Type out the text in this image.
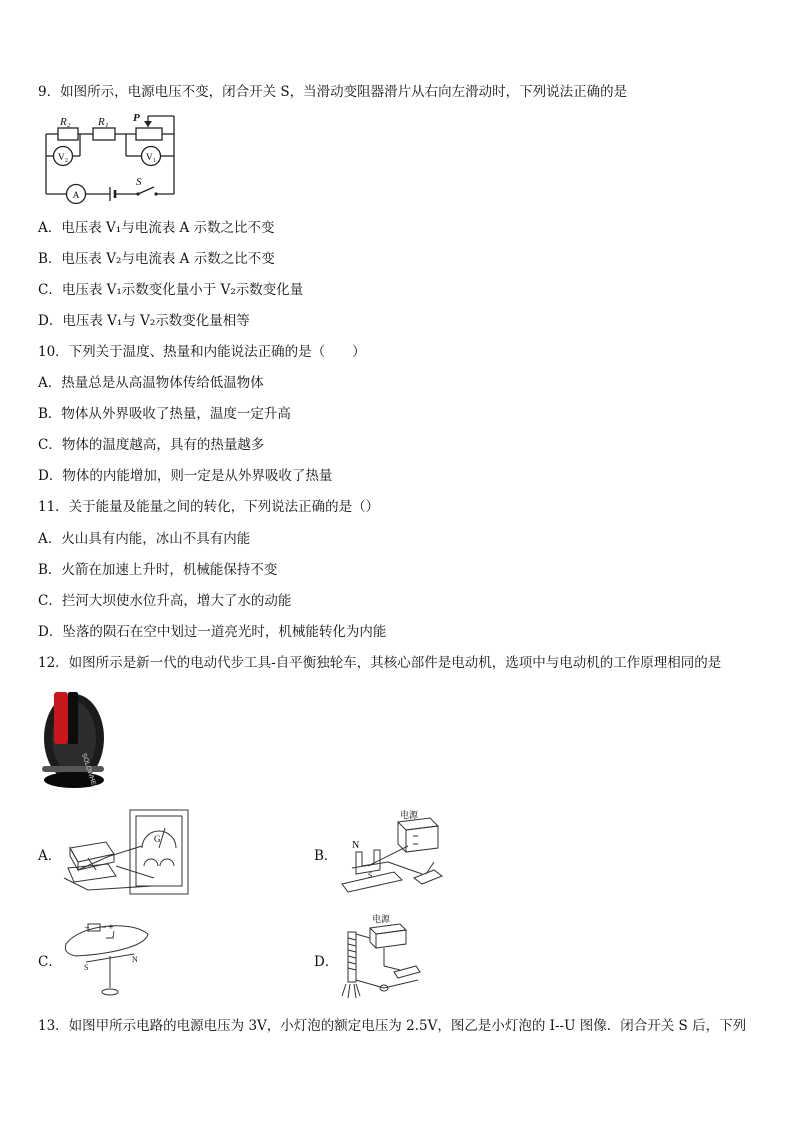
9．如图所示，电源电压不变，闭合开关 S，当滑动变阻器滑片从右向左滑动时，下列说法正确的是
R₂ R₁ P
S
V₂	V₁
A
A．电压表 V₁与电流表 A 示数之比不变
B．电压表 V₂与电流表 A 示数之比不变
C．电压表 V₁示数变化量小于 V₂示数变化量
D．电压表 V₁与 V₂示数变化量相等
10．下列关于温度、热量和内能说法正确的是（　　）
A．热量总是从高温物体传给低温物体
B．物体从外界吸收了热量，温度一定升高
C．物体的温度越高，具有的热量越多
D．物体的内能增加，则一定是从外界吸收了热量
11．关于能量及能量之间的转化，下列说法正确的是（）
A．火山具有内能，冰山不具有内能
B．火箭在加速上升时，机械能保持不变
C．拦河大坝使水位升高，增大了水的动能
D．坠落的陨石在空中划过一道亮光时，机械能转化为内能
12．如图所示是新一代的电动代步工具-自平衡独轮车，其核心部件是电动机，选项中与电动机的工作原理相同的是
SOLOWHEEL
A．
G
B．
电源
N
S
C．
−	+
I
S
N	D．
电源
13．如图甲所示电路的电源电压为 3V，小灯泡的额定电压为 2.5V，图乙是小灯泡的 I--U 图像．闭合开关 S 后，下列
